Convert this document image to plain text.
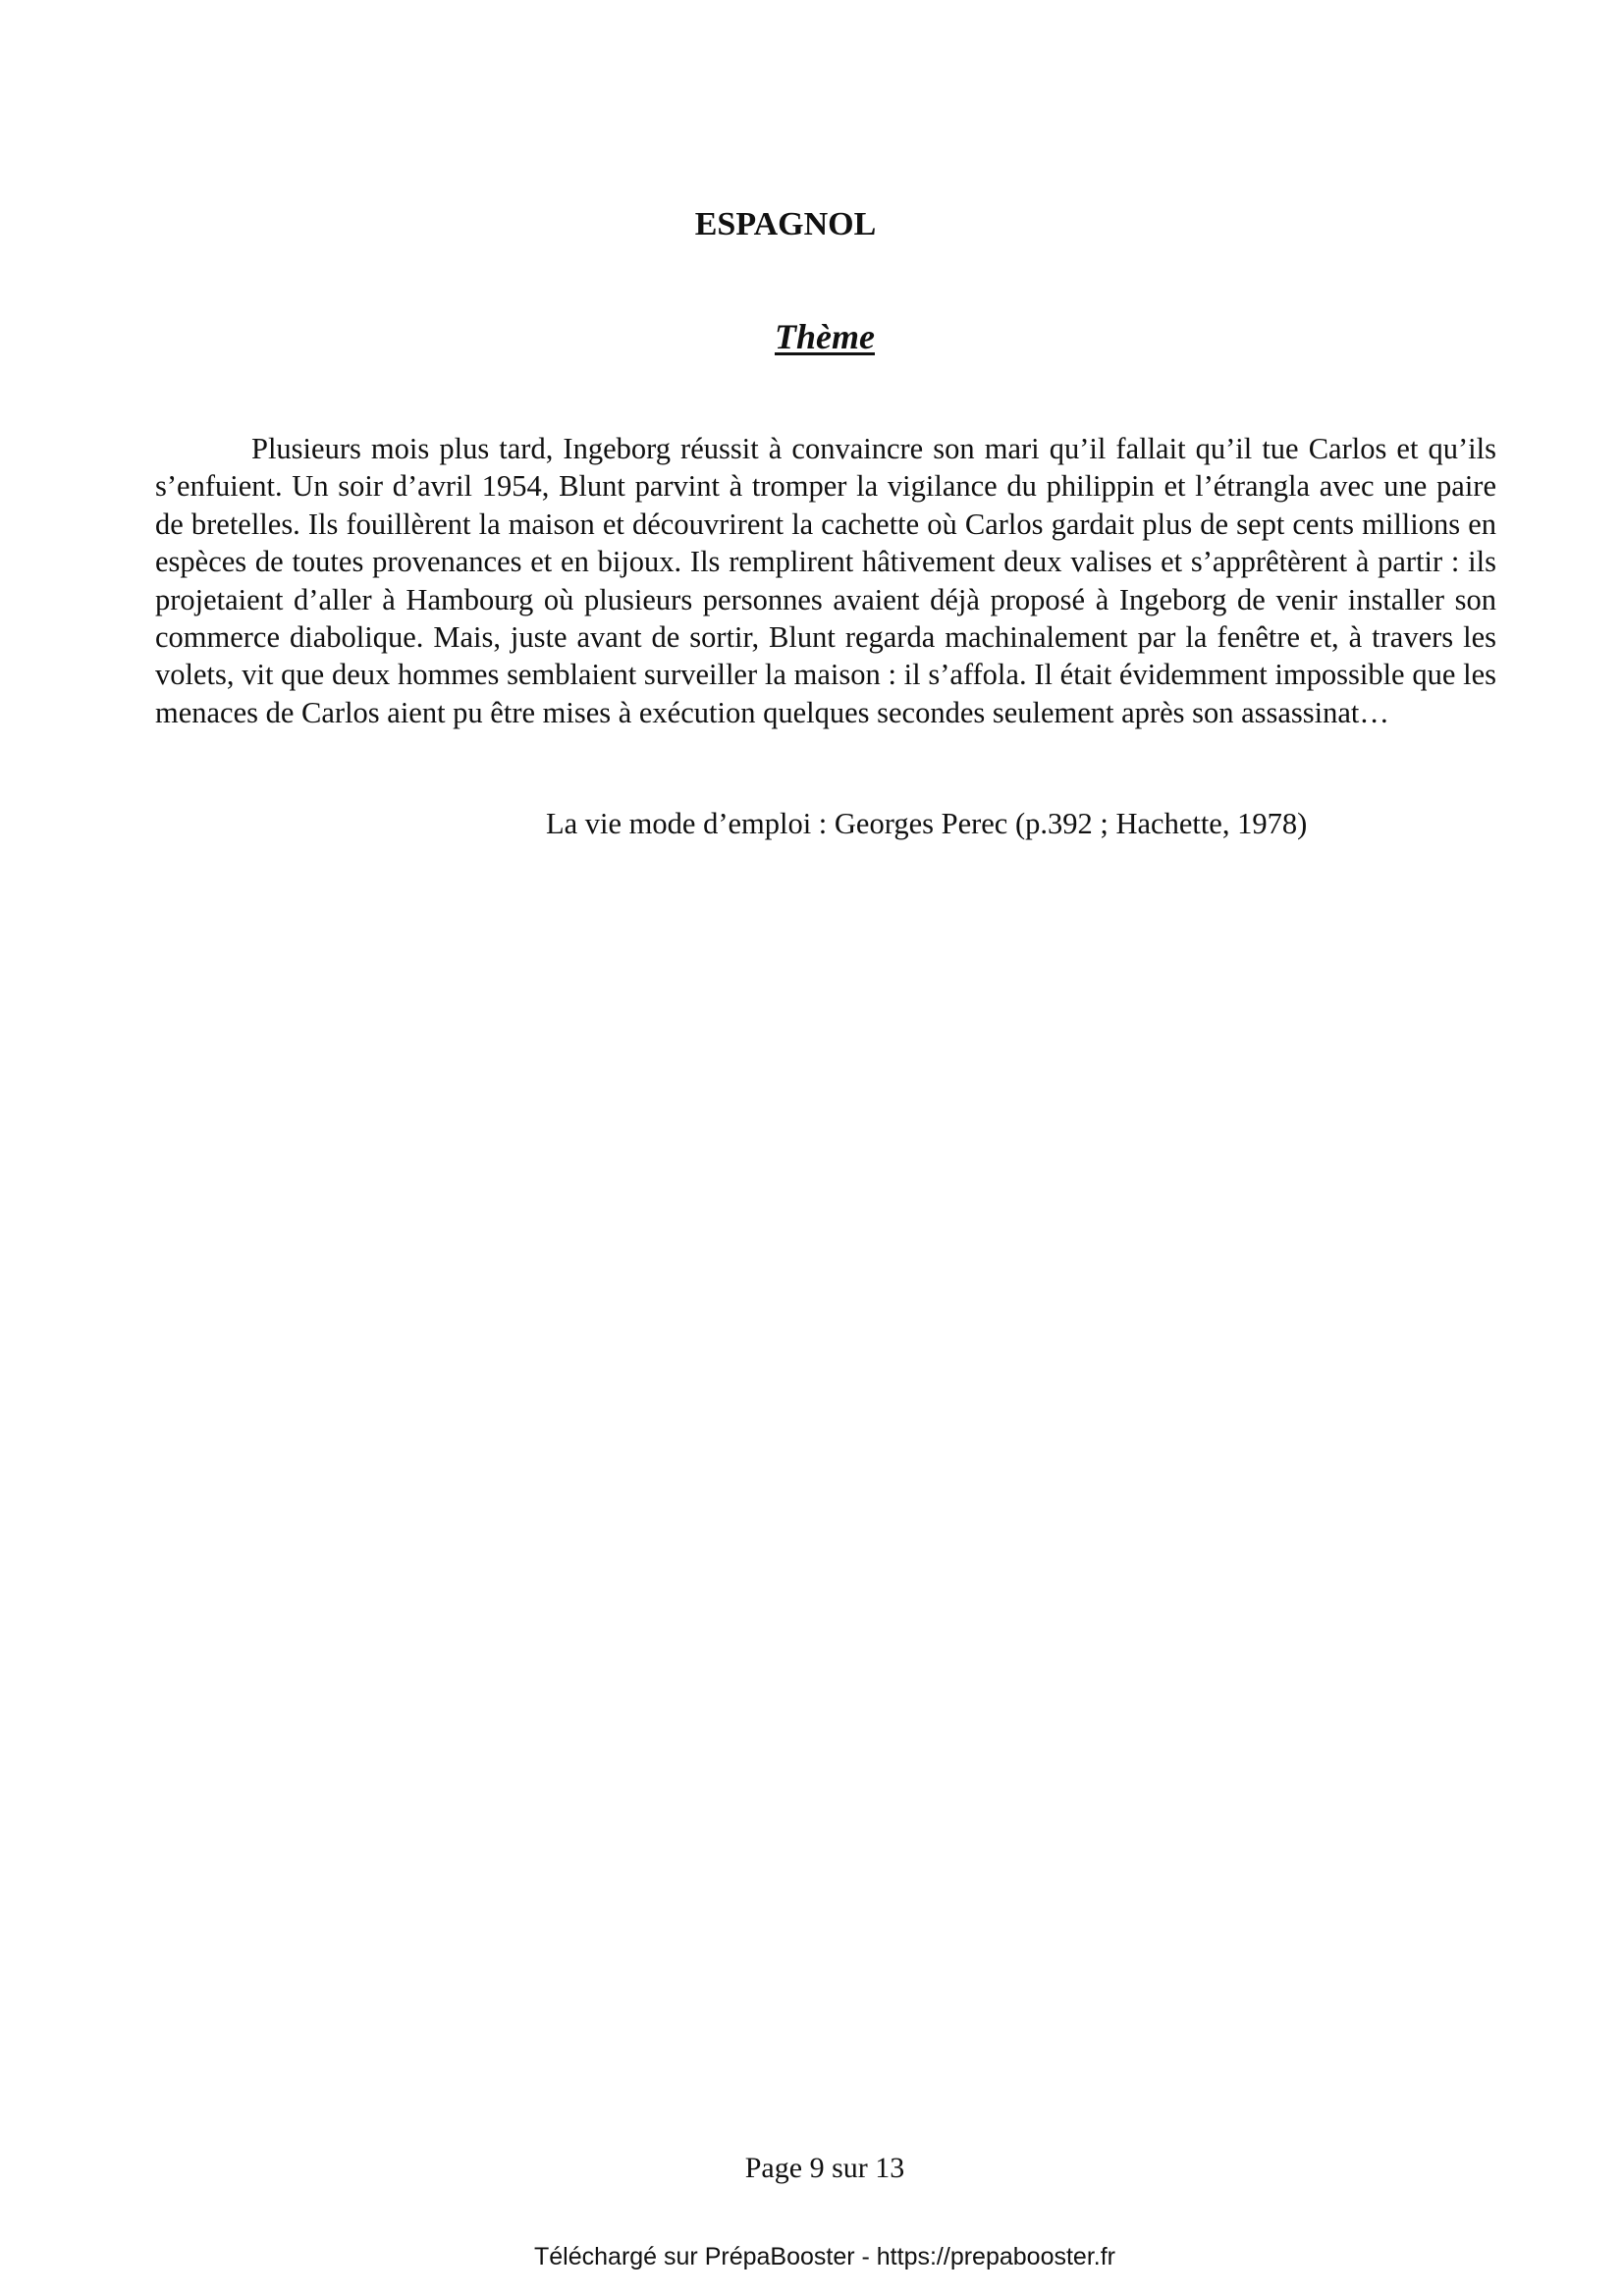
ESPAGNOL
Thème

Plusieurs mois plus tard, Ingeborg réussit à convaincre son mari qu’il fallait qu’il tue Carlos et qu’ils s’enfuient. Un soir d’avril 1954, Blunt parvint à tromper la vigilance du philippin et l’étrangla avec une paire de bretelles. Ils fouillèrent la maison et découvrirent la cachette où Carlos gardait plus de sept cents millions en espèces de toutes provenances et en bijoux. Ils remplirent hâtivement deux valises et s’apprêtèrent à partir : ils projetaient d’aller à Hambourg où plusieurs personnes avaient déjà proposé à Ingeborg de venir installer son commerce diabolique. Mais, juste avant de sortir, Blunt regarda machinalement par la fenêtre et, à travers les volets, vit que deux hommes semblaient surveiller la maison : il s’affola. Il était évidemment impossible que les menaces de Carlos aient pu être mises à exécution quelques secondes seulement après son assassinat…

La vie mode d’emploi : Georges Perec (p.392 ; Hachette, 1978)

Page 9 sur 13

Téléchargé sur PrépaBooster - https://prepabooster.fr
